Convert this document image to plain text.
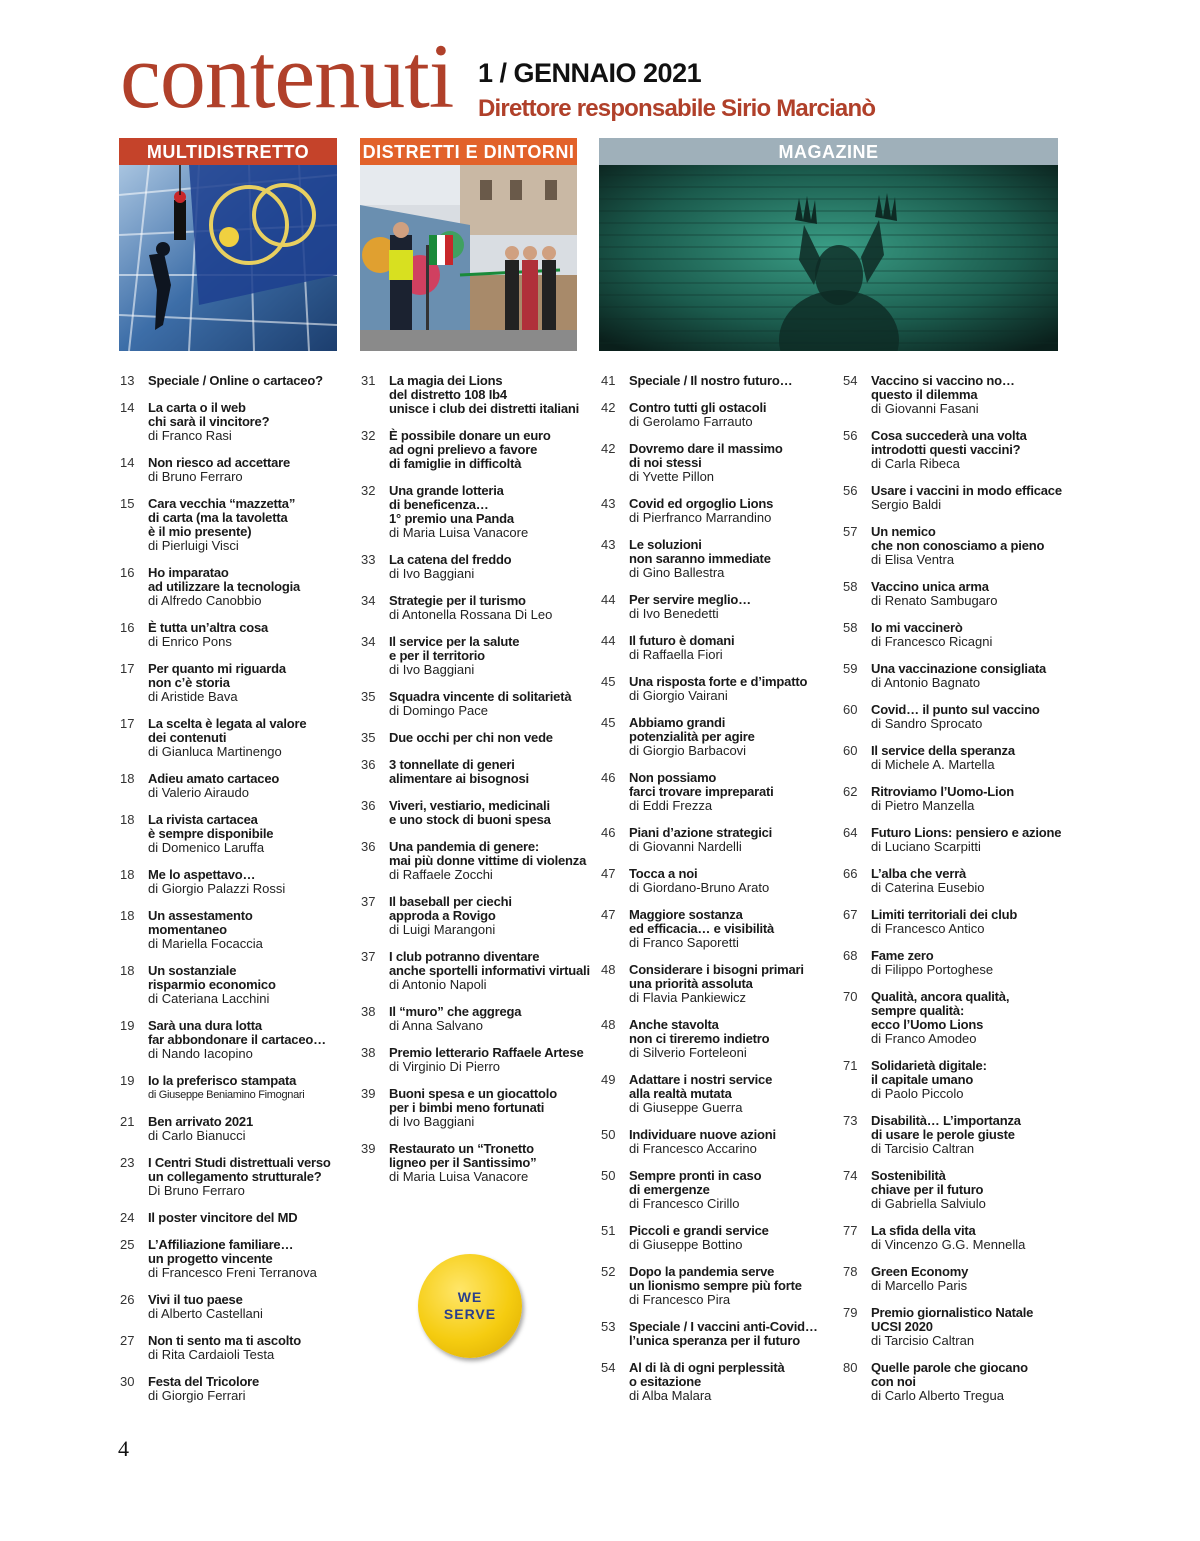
contenuti 1 / GENNAIO 2021
Direttore responsabile Sirio Marcianò
MULTIDISTRETTO	DISTRETTI E DINTORNI	MAGAZINE
13	Speciale / Online o cartaceo?
14	La carta o il web
chi sarà il vincitore?
di Franco Rasi
14	Non riesco ad accettare
di Bruno Ferraro
15	Cara vecchia “mazzetta”
di carta (ma la tavoletta
è il mio presente)
di Pierluigi Visci
16	Ho imparatao
ad utilizzare la tecnologia
di Alfredo Canobbio
16	È tutta un’altra cosa
di Enrico Pons
17	Per quanto mi riguarda
non c’è storia
di Aristide Bava
17	La scelta è legata al valore
dei contenuti
di Gianluca Martinengo
18	Adieu amato cartaceo
di Valerio Airaudo
18	La rivista cartacea
è sempre disponibile
di Domenico Laruffa
18	Me lo aspettavo…
di Giorgio Palazzi Rossi
18	Un assestamento
momentaneo
di Mariella Focaccia
18	Un sostanziale
risparmio economico
di Cateriana Lacchini
19	Sarà una dura lotta
far abbondonare il cartaceo…
di Nando Iacopino
19	Io la preferisco stampata
di Giuseppe Beniamino Fimognari
21	Ben arrivato 2021
di Carlo Bianucci
23	I Centri Studi distrettuali verso
un collegamento strutturale?
Di Bruno Ferraro
24	Il poster vincitore del MD
25	L’Affiliazione familiare…
un progetto vincente
di Francesco Freni Terranova
26	Vivi il tuo paese
di Alberto Castellani
27	Non ti sento ma ti ascolto
di Rita Cardaioli Testa
30	Festa del Tricolore
di Giorgio Ferrari
31	La magia dei Lions
del distretto 108 Ib4
unisce i club dei distretti italiani
32	È possibile donare un euro
ad ogni prelievo a favore
di famiglie in difficoltà
32	Una grande lotteria
di beneficenza…
1° premio una Panda
di Maria Luisa Vanacore
33	La catena del freddo
di Ivo Baggiani
34	Strategie per il turismo
di Antonella Rossana Di Leo
34	Il service per la salute
e per il territorio
di Ivo Baggiani
35	Squadra vincente di solitarietà
di Domingo Pace
35	Due occhi per chi non vede
36	3 tonnellate di generi
alimentare ai bisognosi
36	Viveri, vestiario, medicinali
e uno stock di buoni spesa
36	Una pandemia di genere:
mai più donne vittime di violenza
di Raffaele Zocchi
37	Il baseball per ciechi
approda a Rovigo
di Luigi Marangoni
37	I club potranno diventare
anche sportelli informativi virtuali
di Antonio Napoli
38	Il “muro” che aggrega
di Anna Salvano
38	Premio letterario Raffaele Artese
di Virginio Di Pierro
39	Buoni spesa e un giocattolo
per i bimbi meno fortunati
di Ivo Baggiani
39	Restaurato un “Tronetto
ligneo per il Santissimo”
di Maria Luisa Vanacore
41	Speciale / Il nostro futuro…
42	Contro tutti gli ostacoli
di Gerolamo Farrauto
42	Dovremo dare il massimo
di noi stessi
di Yvette Pillon
43	Covid ed orgoglio Lions
di Pierfranco Marrandino
43	Le soluzioni
non saranno immediate
di Gino Ballestra
44	Per servire meglio…
di Ivo Benedetti
44	Il futuro è domani
di Raffaella Fiori
45	Una risposta forte e d’impatto
di Giorgio Vairani
45	Abbiamo grandi
potenzialità per agire
di Giorgio Barbacovi
46	Non possiamo
farci trovare impreparati
di Eddi Frezza
46	Piani d’azione strategici
di Giovanni Nardelli
47	Tocca a noi
di Giordano-Bruno Arato
47	Maggiore sostanza
ed efficacia… e visibilità
di Franco Saporetti
48	Considerare i bisogni primari
una priorità assoluta
di Flavia Pankiewicz
48	Anche stavolta
non ci tireremo indietro
di Silverio Forteleoni
49	Adattare i nostri service
alla realtà mutata
di Giuseppe Guerra
50	Individuare nuove azioni
di Francesco Accarino
50	Sempre pronti in caso
di emergenze
di Francesco Cirillo
51	Piccoli e grandi service
di Giuseppe Bottino
52	Dopo la pandemia serve
un lionismo sempre più forte
di Francesco Pira
53	Speciale / I vaccini anti-Covid…
l’unica speranza per il futuro
54	Al di là di ogni perplessità
o esitazione
di Alba Malara
54	Vaccino si vaccino no…
questo il dilemma
di Giovanni Fasani
56	Cosa succederà una volta
introdotti questi vaccini?
di Carla Ribeca
56	Usare i vaccini in modo efficace
Sergio Baldi
57	Un nemico
che non conosciamo a pieno
di Elisa Ventra
58	Vaccino unica arma
di Renato Sambugaro
58	Io mi vaccinerò
di Francesco Ricagni
59	Una vaccinazione consigliata
di Antonio Bagnato
60	Covid… il punto sul vaccino
di Sandro Sprocato
60	Il service della speranza
di Michele A. Martella
62	Ritroviamo l’Uomo-Lion
di Pietro Manzella
64	Futuro Lions: pensiero e azione
di Luciano Scarpitti
66	L’alba che verrà
di Caterina Eusebio
67	Limiti territoriali dei club
di Francesco Antico
68	Fame zero
di Filippo Portoghese
70	Qualità, ancora qualità,
sempre qualità:
ecco l’Uomo Lions
di Franco Amodeo
71	Solidarietà digitale:
il capitale umano
di Paolo Piccolo
73	Disabilità… L’importanza
di usare le perole giuste
di Tarcisio Caltran
74	Sostenibilità
chiave per il futuro
di Gabriella Salviulo
77	La sfida della vita
di Vincenzo G.G. Mennella
78	Green Economy
di Marcello Paris
79	Premio giornalistico Natale
UCSI 2020
di Tarcisio Caltran
80	Quelle parole che giocano
con noi
di Carlo Alberto Tregua
WE
SERVE
4
